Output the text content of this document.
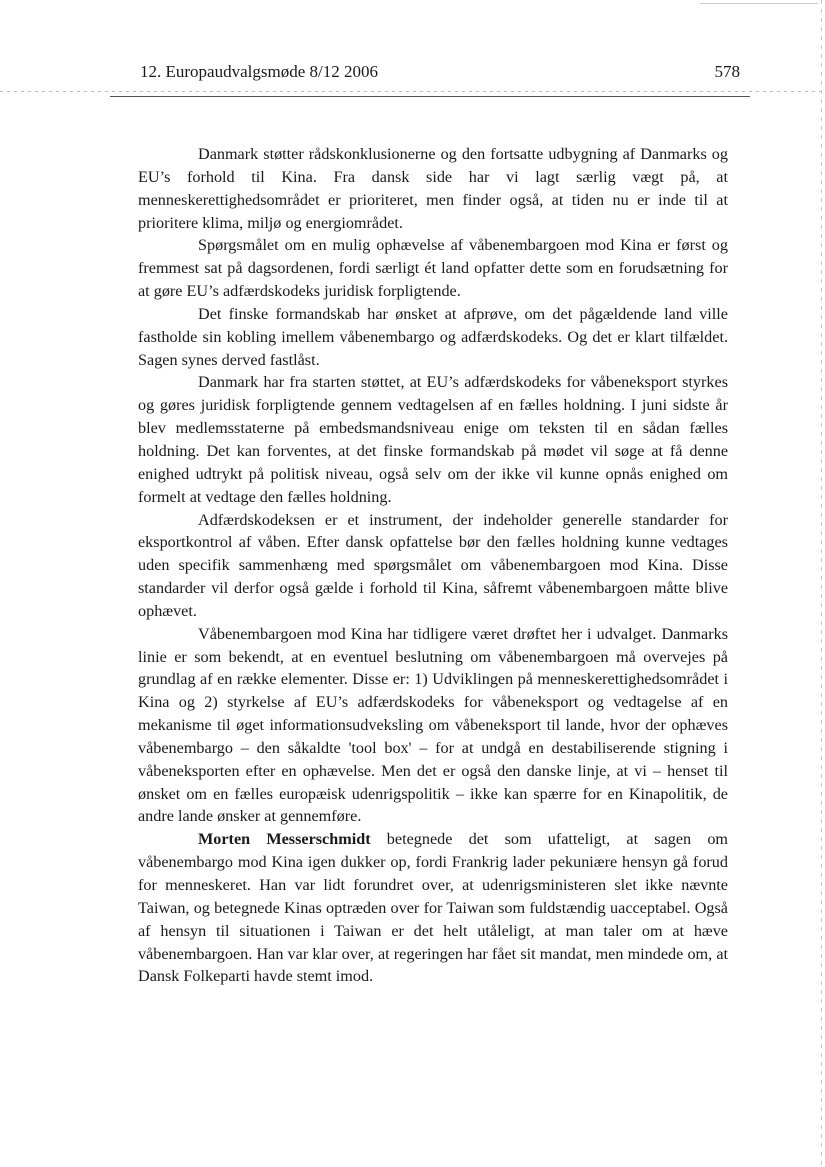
12. Europaudvalgsmøde 8/12 2006	578

Danmark støtter rådskonklusionerne og den fortsatte udbygning af Danmarks og EU’s forhold til Kina. Fra dansk side har vi lagt særlig vægt på, at menneskerettighedsområdet er prioriteret, men finder også, at tiden nu er inde til at prioritere klima, miljø og energiområdet.

Spørgsmålet om en mulig ophævelse af våbenembargoen mod Kina er først og fremmest sat på dagsordenen, fordi særligt ét land opfatter dette som en forudsætning for at gøre EU’s adfærdskodeks juridisk forpligtende.

Det finske formandskab har ønsket at afprøve, om det pågældende land ville fastholde sin kobling imellem våbenembargo og adfærdskodeks. Og det er klart tilfældet. Sagen synes derved fastlåst.

Danmark har fra starten støttet, at EU’s adfærdskodeks for våbeneksport styrkes og gøres juridisk forpligtende gennem vedtagelsen af en fælles holdning. I juni sidste år blev medlemsstaterne på embedsmandsniveau enige om teksten til en sådan fælles holdning. Det kan forventes, at det finske formandskab på mødet vil søge at få denne enighed udtrykt på politisk niveau, også selv om der ikke vil kunne opnås enighed om formelt at vedtage den fælles holdning.

Adfærdskodeksen er et instrument, der indeholder generelle standarder for eksportkontrol af våben. Efter dansk opfattelse bør den fælles holdning kunne vedtages uden specifik sammenhæng med spørgsmålet om våbenembargoen mod Kina. Disse standarder vil derfor også gælde i forhold til Kina, såfremt våbenembargoen måtte blive ophævet.

Våbenembargoen mod Kina har tidligere været drøftet her i udvalget. Danmarks linie er som bekendt, at en eventuel beslutning om våbenembargoen må overvejes på grundlag af en række elementer. Disse er: 1) Udviklingen på menneskerettighedsområdet i Kina og 2) styrkelse af EU’s adfærdskodeks for våbeneksport og vedtagelse af en mekanisme til øget informationsudveksling om våbeneksport til lande, hvor der ophæves våbenembargo – den såkaldte 'tool box' – for at undgå en destabiliserende stigning i våbeneksporten efter en ophævelse. Men det er også den danske linje, at vi – henset til ønsket om en fælles europæisk udenrigspolitik – ikke kan spærre for en Kinapolitik, de andre lande ønsker at gennemføre.

Morten Messerschmidt betegnede det som ufatteligt, at sagen om våbenembargo mod Kina igen dukker op, fordi Frankrig lader pekuniære hensyn gå forud for menneskeret. Han var lidt forundret over, at udenrigsministeren slet ikke nævnte Taiwan, og betegnede Kinas optræden over for Taiwan som fuldstændig uacceptabel. Også af hensyn til situationen i Taiwan er det helt utåleligt, at man taler om at hæve våbenembargoen. Han var klar over, at regeringen har fået sit mandat, men mindede om, at Dansk Folkeparti havde stemt imod.
